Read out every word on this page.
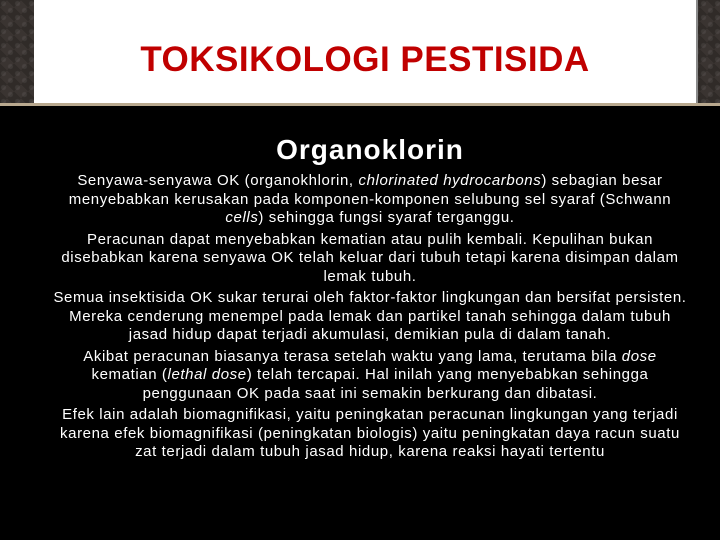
TOKSIKOLOGI PESTISIDA
Organoklorin
Senyawa-senyawa OK (organokhlorin, chlorinated hydrocarbons) sebagian besar menyebabkan kerusakan pada komponen-komponen selubung sel syaraf (Schwann cells) sehingga fungsi syaraf terganggu.
Peracunan dapat menyebabkan kematian atau pulih kembali. Kepulihan bukan disebabkan karena senyawa OK telah keluar dari tubuh tetapi karena disimpan dalam lemak tubuh.
Semua insektisida OK sukar terurai oleh faktor-faktor lingkungan dan bersifat persisten. Mereka cenderung menempel pada lemak dan partikel tanah sehingga dalam tubuh jasad hidup dapat terjadi akumulasi, demikian pula di dalam tanah.
Akibat peracunan biasanya terasa setelah waktu yang lama, terutama bila dose kematian (lethal dose) telah tercapai. Hal inilah yang menyebabkan sehingga penggunaan OK pada saat ini semakin berkurang dan dibatasi.
Efek lain adalah biomagnifikasi, yaitu peningkatan peracunan lingkungan yang terjadi karena efek biomagnifikasi (peningkatan biologis) yaitu peningkatan daya racun suatu zat terjadi dalam tubuh jasad hidup, karena reaksi hayati tertentu
